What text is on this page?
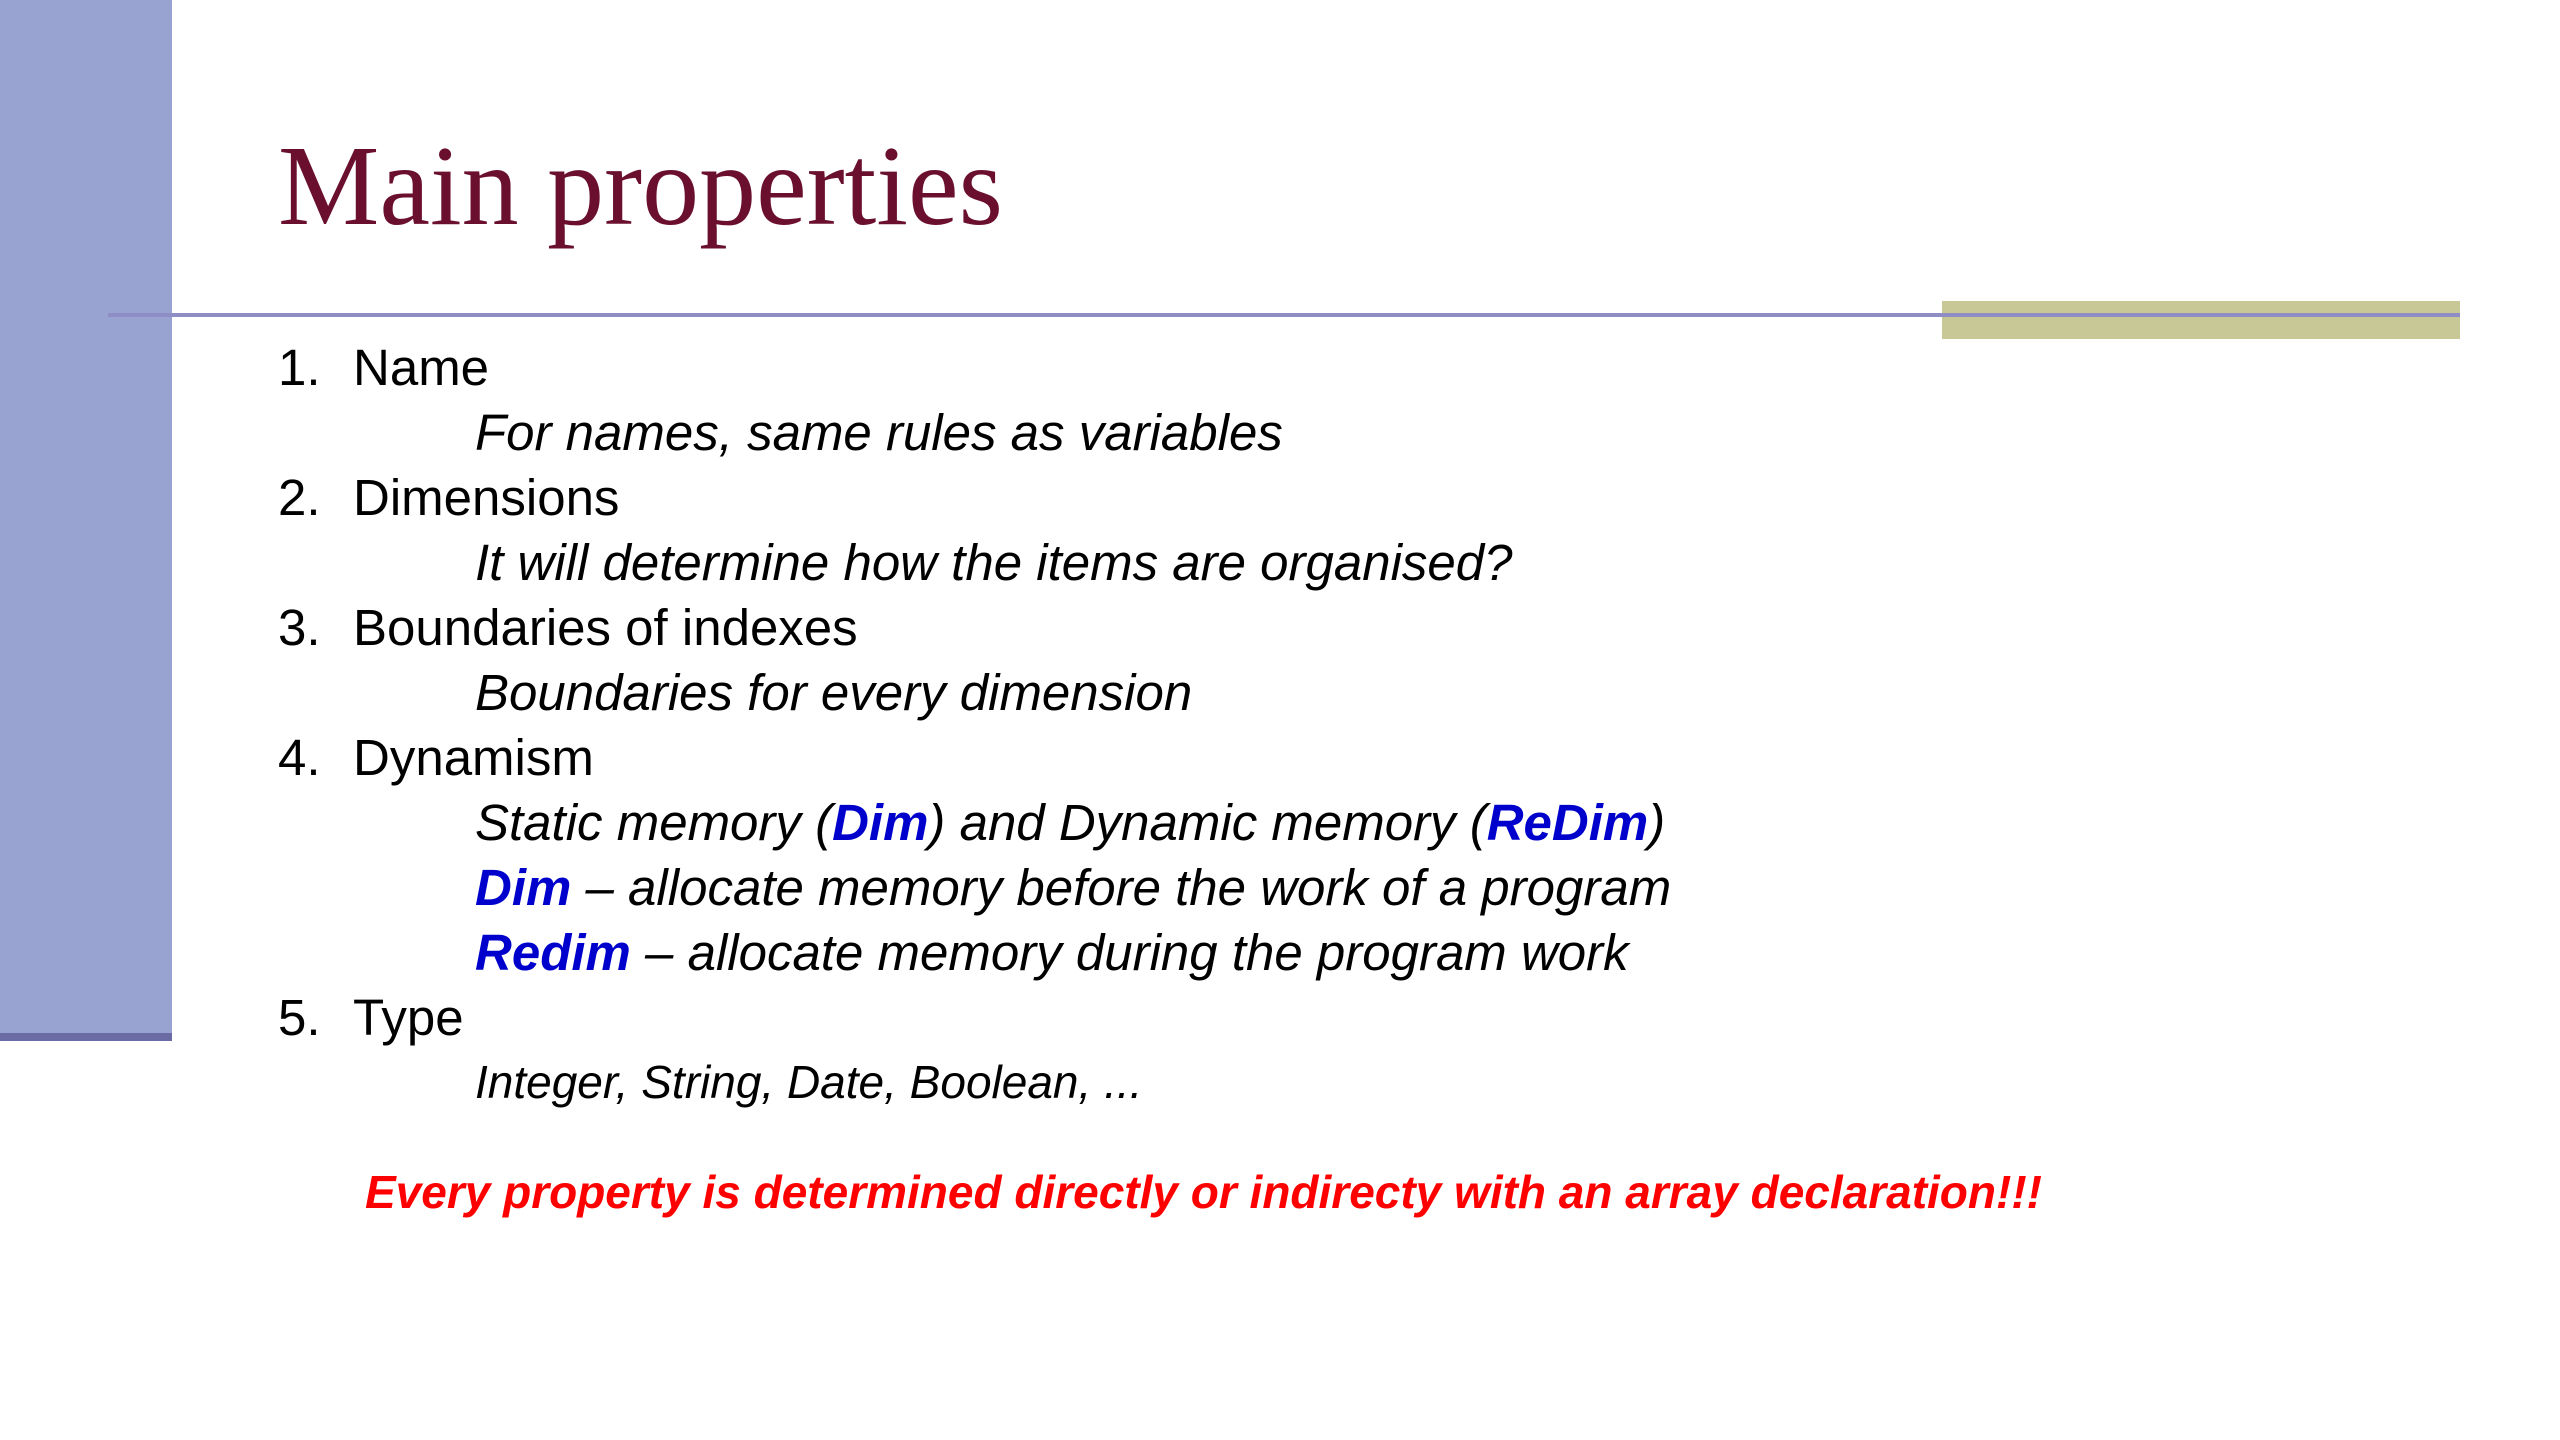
Main properties
1. Name
For names, same rules as variables
2. Dimensions
It will determine how the items are organised?
3. Boundaries of indexes
Boundaries for every dimension
4. Dynamism
Static memory (Dim) and Dynamic memory (ReDim)
Dim – allocate memory before the work of a program
Redim – allocate memory during the program work
5. Type
Integer, String, Date, Boolean, ...
Every property is determined directly or indirecty with an array declaration!!!
